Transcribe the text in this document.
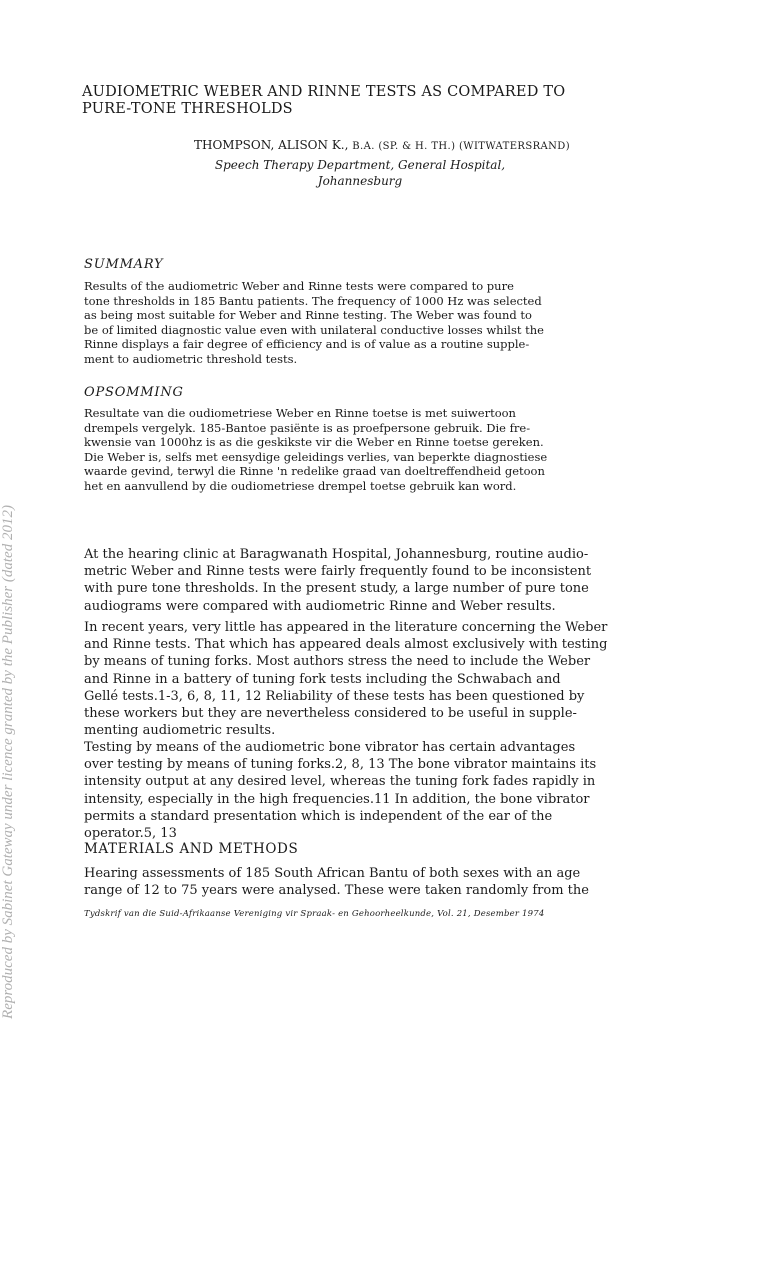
Reproduced by Sabinet Gateway under licence granted by the Publisher (dated 2012)
AUDIOMETRIC WEBER AND RINNE TESTS AS COMPARED TO
PURE-TONE THRESHOLDS
THOMPSON, ALISON K., B.A. (SP. & H. TH.) (WITWATERSRAND)
Speech Therapy Department, General Hospital,
Johannesburg
SUMMARY
Results of the audiometric Weber and Rinne tests were compared to pure
tone thresholds in 185 Bantu patients. The frequency of 1000 Hz was selected
as being most suitable for Weber and Rinne testing. The Weber was found to
be of limited diagnostic value even with unilateral conductive losses whilst the
Rinne displays a fair degree of efficiency and is of value as a routine supple-
ment to audiometric threshold tests.
OPSOMMING
Resultate van die oudiometriese Weber en Rinne toetse is met suiwertoon
drempels vergelyk. 185-Bantoe pasiënte is as proefpersone gebruik. Die fre-
kwensie van 1000hz is as die geskikste vir die Weber en Rinne toetse gereken.
Die Weber is, selfs met eensydige geleidings verlies, van beperkte diagnostiese
waarde gevind, terwyl die Rinne 'n redelike graad van doeltreffendheid getoon
het en aanvullend by die oudiometriese drempel toetse gebruik kan word.
At the hearing clinic at Baragwanath Hospital, Johannesburg, routine audio-
metric Weber and Rinne tests were fairly frequently found to be inconsistent
with pure tone thresholds. In the present study, a large number of pure tone
audiograms were compared with audiometric Rinne and Weber results.
In recent years, very little has appeared in the literature concerning the Weber
and Rinne tests. That which has appeared deals almost exclusively with testing
by means of tuning forks. Most authors stress the need to include the Weber
and Rinne in a battery of tuning fork tests including the Schwabach and
Gellé tests.1-3, 6, 8, 11, 12 Reliability of these tests has been questioned by
these workers but they are nevertheless considered to be useful in supple-
menting audiometric results.
Testing by means of the audiometric bone vibrator has certain advantages
over testing by means of tuning forks.2, 8, 13 The bone vibrator maintains its
intensity output at any desired level, whereas the tuning fork fades rapidly in
intensity, especially in the high frequencies.11 In addition, the bone vibrator
permits a standard presentation which is independent of the ear of the
operator.5, 13
MATERIALS AND METHODS
Hearing assessments of 185 South African Bantu of both sexes with an age
range of 12 to 75 years were analysed. These were taken randomly from the
Tydskrif van die Suid-Afrikaanse Vereniging vir Spraak- en Gehoorheelkunde, Vol. 21, Desember 1974
